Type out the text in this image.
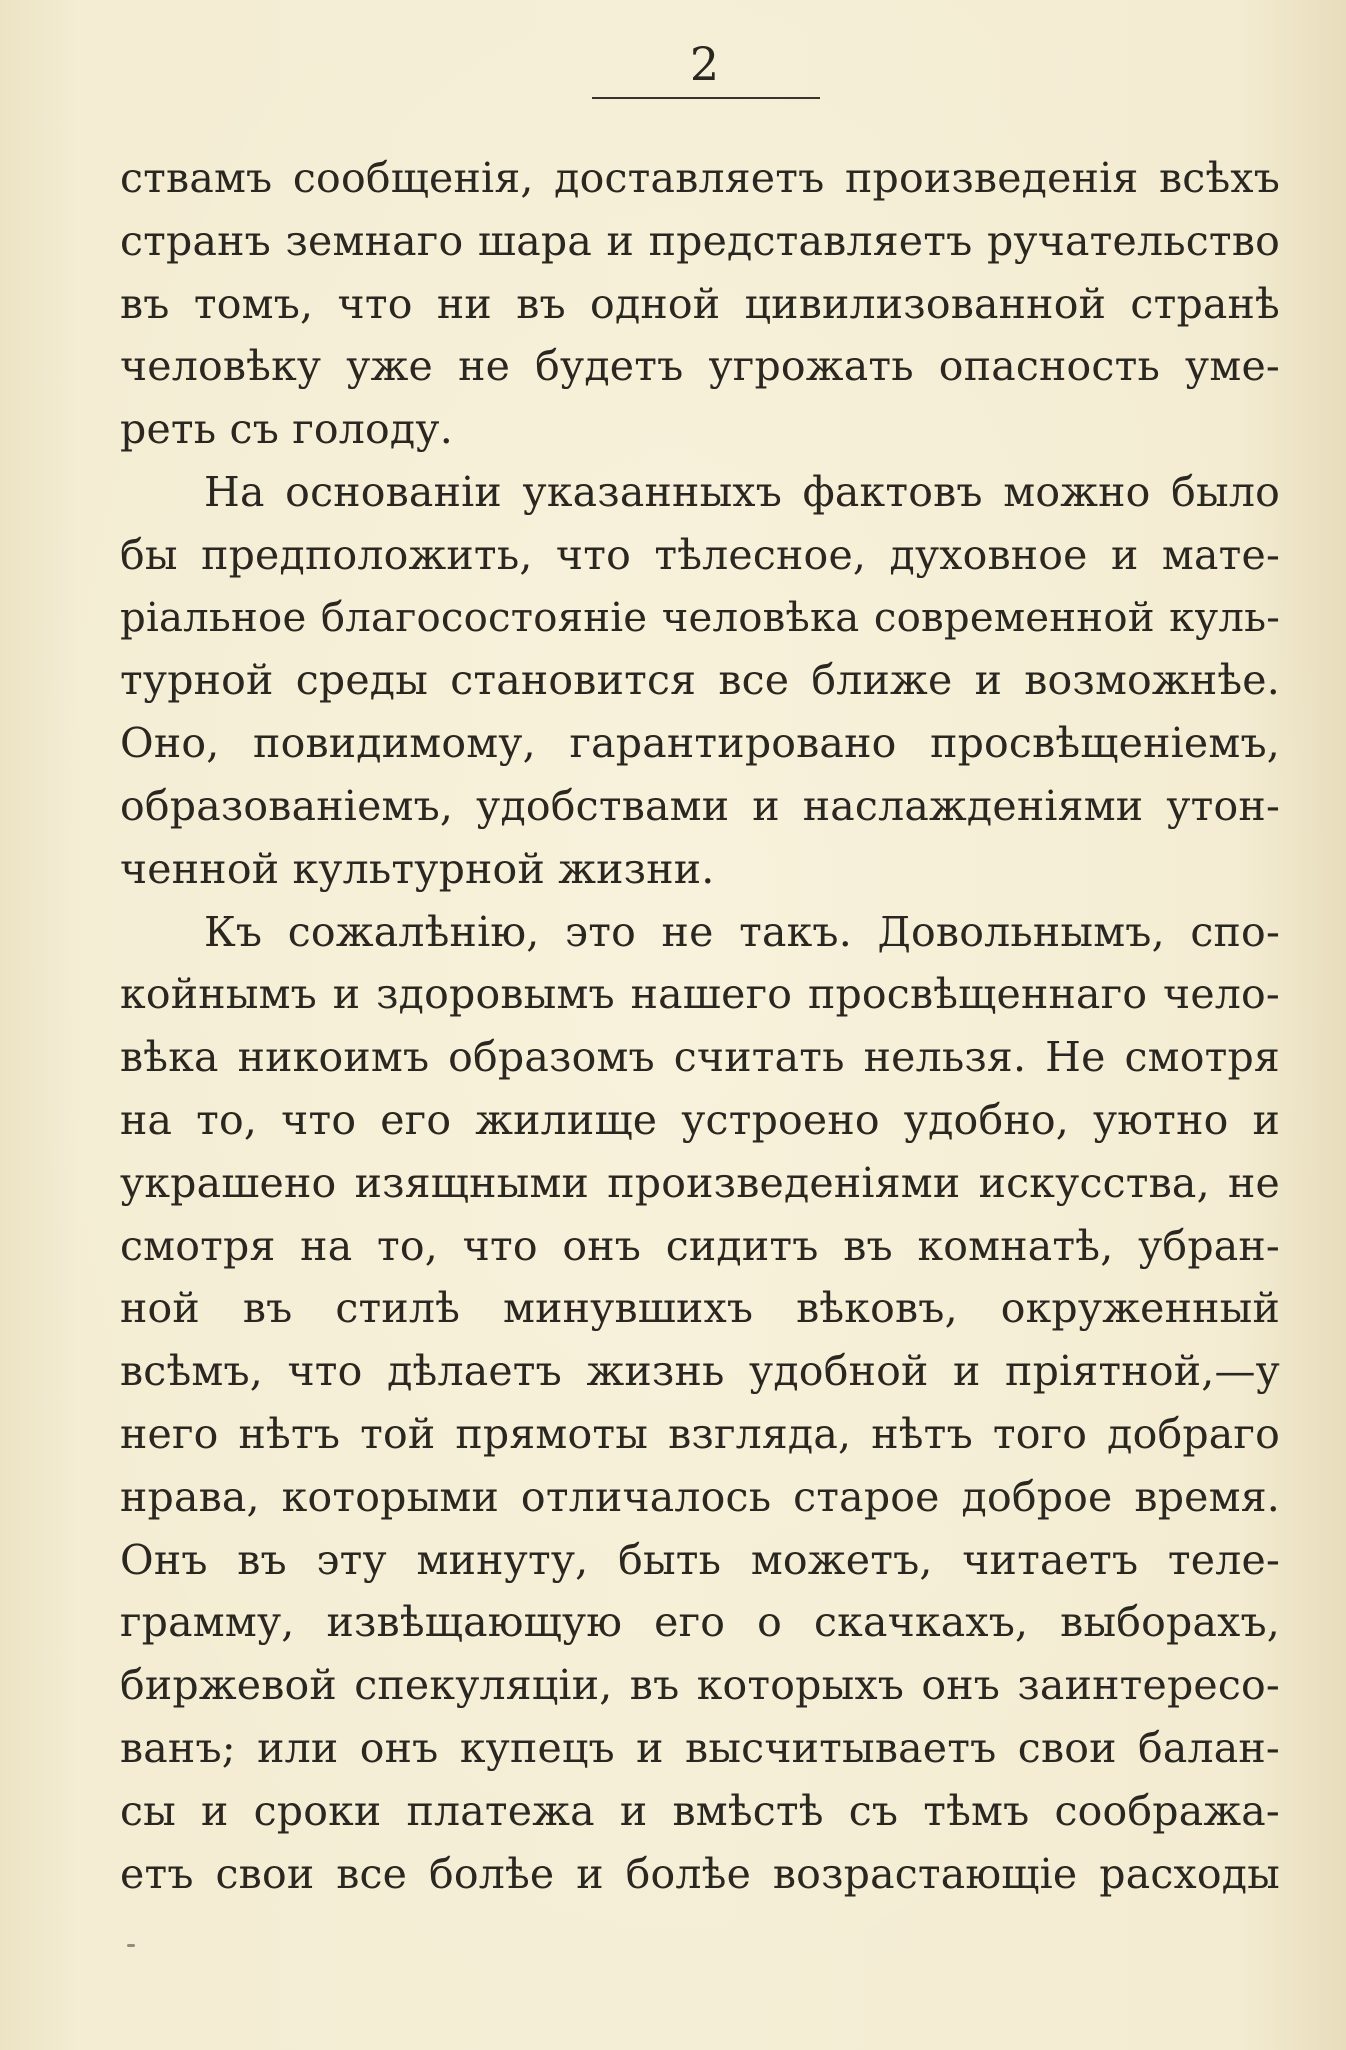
2
ствамъ сообщенія, доставляетъ произведенія всѣхъ
странъ земнаго шара и представляетъ ручательство
въ томъ, что ни въ одной цивилизованной странѣ
человѣку уже не будетъ угрожать опасность уме-
реть съ голоду.
На основаніи указанныхъ фактовъ можно было
бы предположить, что тѣлесное, духовное и мате-
ріальное благосостояніе человѣка современной куль-
турной среды становится все ближе и возможнѣе.
Оно, повидимому, гарантировано просвѣщеніемъ,
образованіемъ, удобствами и наслажденіями утон-
ченной культурной жизни.
Къ сожалѣнію, это не такъ. Довольнымъ, спо-
койнымъ и здоровымъ нашего просвѣщеннаго чело-
вѣка никоимъ образомъ считать нельзя. Не смотря
на то, что его жилище устроено удобно, уютно и
украшено изящными произведеніями искусства, не
смотря на то, что онъ сидитъ въ комнатѣ, убран-
ной въ стилѣ минувшихъ вѣковъ, окруженный
всѣмъ, что дѣлаетъ жизнь удобной и пріятной,—у
него нѣтъ той прямоты взгляда, нѣтъ того добраго
нрава, которыми отличалось старое доброе время.
Онъ въ эту минуту, быть можетъ, читаетъ теле-
грамму, извѣщающую его о скачкахъ, выборахъ,
биржевой спекуляціи, въ которыхъ онъ заинтересо-
ванъ; или онъ купецъ и высчитываетъ свои балан-
сы и сроки платежа и вмѣстѣ съ тѣмъ сообража-
етъ свои все болѣе и болѣе возрастающіе расходы
